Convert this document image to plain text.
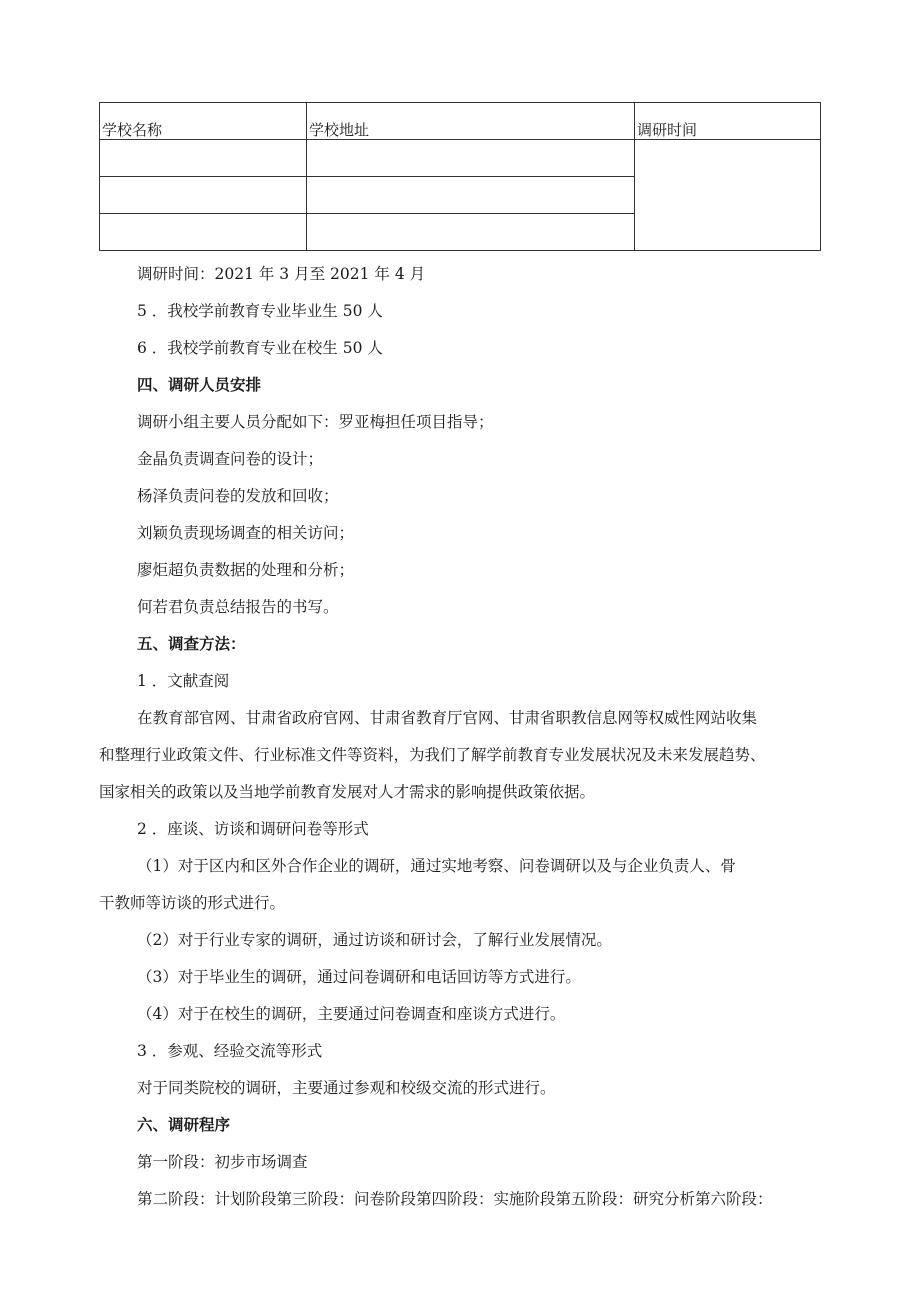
学校名称	学校地址	调研时间

调研时间：2021 年 3 月至 2021 年 4 月
5 ．我校学前教育专业毕业生 50 人
6 ．我校学前教育专业在校生 50 人
四、调研人员安排
调研小组主要人员分配如下：罗亚梅担任项目指导；
金晶负责调查问卷的设计；
杨泽负责问卷的发放和回收；
刘颖负责现场调查的相关访问；
廖炬超负责数据的处理和分析；
何若君负责总结报告的书写。
五、调查方法：
1 ．文献查阅
在教育部官网、甘肃省政府官网、甘肃省教育厅官网、甘肃省职教信息网等权威性网站收集
和整理行业政策文件、行业标准文件等资料，为我们了解学前教育专业发展状况及未来发展趋势、
国家相关的政策以及当地学前教育发展对人才需求的影响提供政策依据。
2 ．座谈、访谈和调研问卷等形式
（1）对于区内和区外合作企业的调研，通过实地考察、问卷调研以及与企业负责人、骨
干教师等访谈的形式进行。
（2）对于行业专家的调研，通过访谈和研讨会，了解行业发展情况。
（3）对于毕业生的调研，通过问卷调研和电话回访等方式进行。
（4）对于在校生的调研，主要通过问卷调查和座谈方式进行。
3 ．参观、经验交流等形式
对于同类院校的调研，主要通过参观和校级交流的形式进行。
六、调研程序
第一阶段：初步市场调查
第二阶段：计划阶段第三阶段：问卷阶段第四阶段：实施阶段第五阶段：研究分析第六阶段：
